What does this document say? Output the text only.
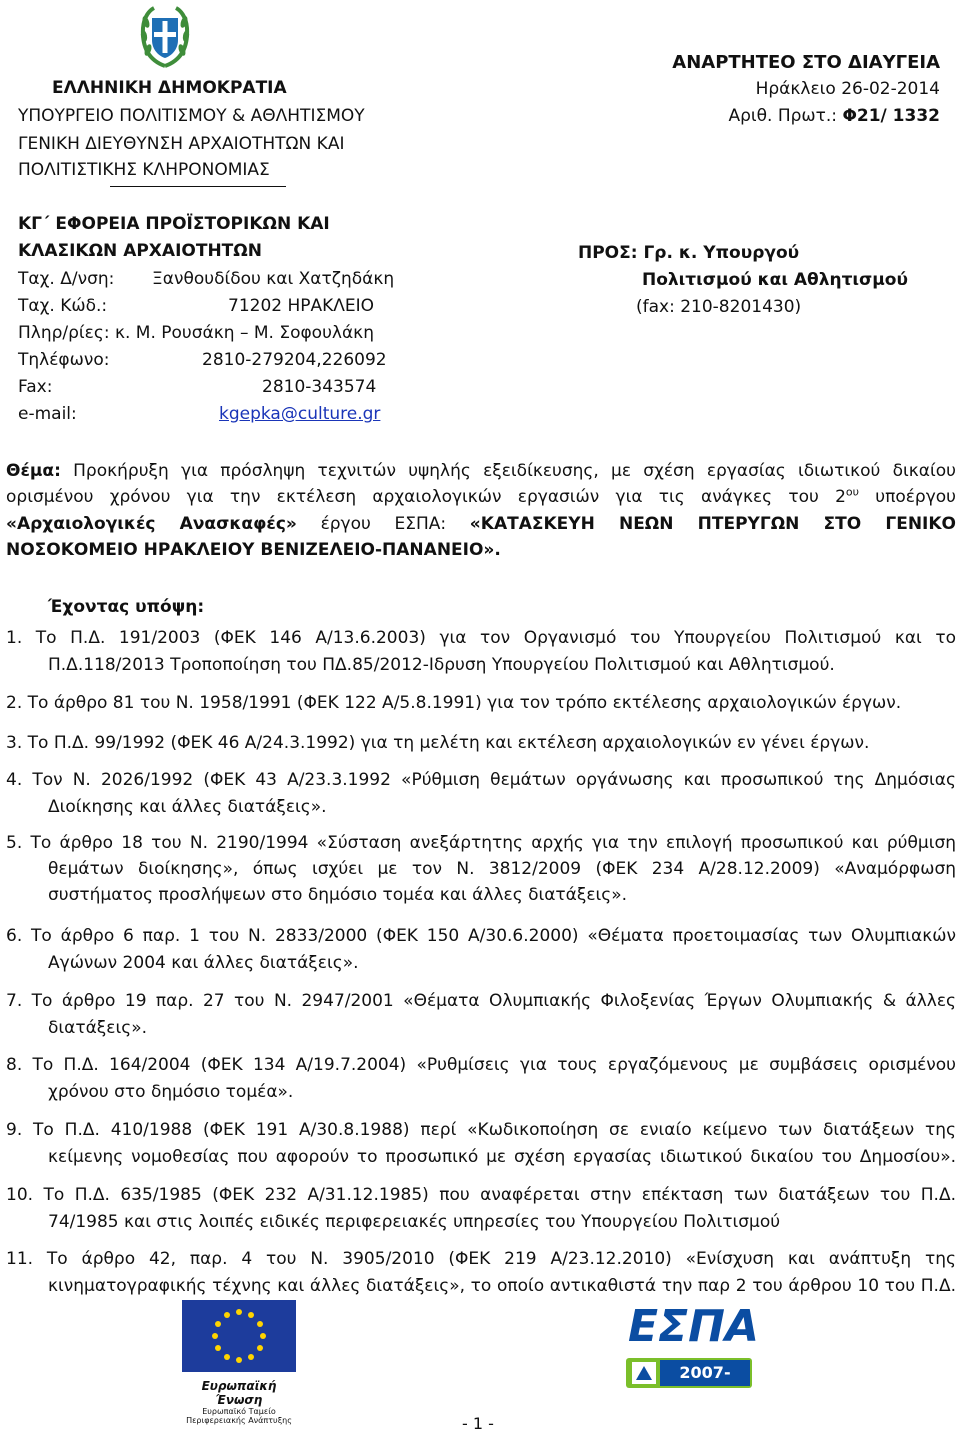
ΕΛΛΗΝΙΚΗ ΔΗΜΟΚΡΑΤΙΑ
ΥΠΟΥΡΓΕΙΟ ΠΟΛΙΤΙΣΜΟΥ & ΑΘΛΗΤΙΣΜΟΥ
ΓΕΝΙΚΗ ΔΙΕΥΘΥΝΣΗ ΑΡΧΑΙΟΤΗΤΩΝ ΚΑΙ
ΠΟΛΙΤΙΣΤΙΚΗΣ ΚΛΗΡΟΝΟΜΙΑΣ
ΚΓ΄ ΕΦΟΡΕΙΑ ΠΡΟΪΣΤΟΡΙΚΩΝ ΚΑΙ
ΚΛΑΣΙΚΩΝ ΑΡΧΑΙΟΤΗΤΩΝ
Ταχ. Δ/νση: Ξανθουδίδου και Χατζηδάκη
Ταχ. Κώδ.:	71202 ΗΡΑΚΛΕΙΟ
Πληρ/ρίες: κ. Μ. Ρουσάκη – Μ. Σοφουλάκη
Τηλέφωνο:	2810-279204,226092
Fax:	2810-343574
e-mail:	kgepka@culture.gr
ΑΝΑΡΤΗΤΕΟ ΣΤΟ ΔΙΑΥΓΕΙΑ
Ηράκλειο 26-02-2014
Αριθ. Πρωτ.: Φ21/ 1332
ΠΡΟΣ: Γρ. κ. Υπουργού
Πολιτισμού και Αθλητισμού
(fax: 210-8201430)
Θέμα: Προκήρυξη για πρόσληψη τεχνιτών υψηλής εξειδίκευσης, με σχέση εργασίας ιδιωτικού δικαίου
ορισμένου χρόνου για την εκτέλεση αρχαιολογικών εργασιών για τις ανάγκες του $2^{o\upsilon}$ υποέργου
«Αρχαιολογικές Ανασκαφές» έργου ΕΣΠΑ: «ΚΑΤΑΣΚΕΥΗ ΝΕΩΝ ΠΤΕΡΥΓΩΝ ΣΤΟ ΓΕΝΙΚΟ
ΝΟΣΟΚΟΜΕΙΟ ΗΡΑΚΛΕΙΟΥ ΒΕΝΙΖΕΛΕΙΟ-ΠΑΝΑΝΕΙΟ».
Έχοντας υπόψη:
1. Το Π.Δ. 191/2003 (ΦΕΚ 146 Α/13.6.2003) για τον Οργανισμό του Υπουργείου Πολιτισμού και το
Π.Δ.118/2013 Τροποποίηση του ΠΔ.85/2012-Ιδρυση Υπουργείου Πολιτισμού και Αθλητισμού.
2. Το άρθρο 81 του Ν. 1958/1991 (ΦΕΚ 122 Α/5.8.1991) για τον τρόπο εκτέλεσης αρχαιολογικών έργων.
3. Το Π.Δ. 99/1992 (ΦΕΚ 46 Α/24.3.1992) για τη μελέτη και εκτέλεση αρχαιολογικών εν γένει έργων.
4. Τον Ν. 2026/1992 (ΦΕΚ 43 Α/23.3.1992 «Ρύθμιση θεμάτων οργάνωσης και προσωπικού της Δημόσιας
Διοίκησης και άλλες διατάξεις».
5. Το άρθρο 18 του Ν. 2190/1994 «Σύσταση ανεξάρτητης αρχής για την επιλογή προσωπικού και ρύθμιση
θεμάτων διοίκησης», όπως ισχύει με τον Ν. 3812/2009 (ΦΕΚ 234 Α/28.12.2009) «Αναμόρφωση
συστήματος προσλήψεων στο δημόσιο τομέα και άλλες διατάξεις».
6. Το άρθρο 6 παρ. 1 του Ν. 2833/2000 (ΦΕΚ 150 Α/30.6.2000) «Θέματα προετοιμασίας των Ολυμπιακών
Αγώνων 2004 και άλλες διατάξεις».
7. Το άρθρο 19 παρ. 27 του Ν. 2947/2001 «Θέματα Ολυμπιακής Φιλοξενίας Έργων Ολυμπιακής & άλλες
διατάξεις».
8. Το Π.Δ. 164/2004 (ΦΕΚ 134 Α/19.7.2004) «Ρυθμίσεις για τους εργαζόμενους με συμβάσεις ορισμένου
χρόνου στο δημόσιο τομέα».
9. Το Π.Δ. 410/1988 (ΦΕΚ 191 Α/30.8.1988) περί «Κωδικοποίηση σε ενιαίο κείμενο των διατάξεων της
κείμενης νομοθεσίας που αφορούν το προσωπικό με σχέση εργασίας ιδιωτικού δικαίου του Δημοσίου».
10. Το Π.Δ. 635/1985 (ΦΕΚ 232 Α/31.12.1985) που αναφέρεται στην επέκταση των διατάξεων του Π.Δ.
74/1985 και στις λοιπές ειδικές περιφερειακές υπηρεσίες του Υπουργείου Πολιτισμού
11. Το άρθρο 42, παρ. 4 του Ν. 3905/2010 (ΦΕΚ 219 Α/23.12.2010) «Ενίσχυση και ανάπτυξη της
κινηματογραφικής τέχνης και άλλες διατάξεις», το οποίο αντικαθιστά την παρ 2 του άρθρου 10 του Π.Δ.
Ευρωπαϊκή Ένωση
Ευρωπαϊκό Ταμείο
Περιφερειακής Ανάπτυξης
ΕΣΠΑ
2007-2013
- 1 -
